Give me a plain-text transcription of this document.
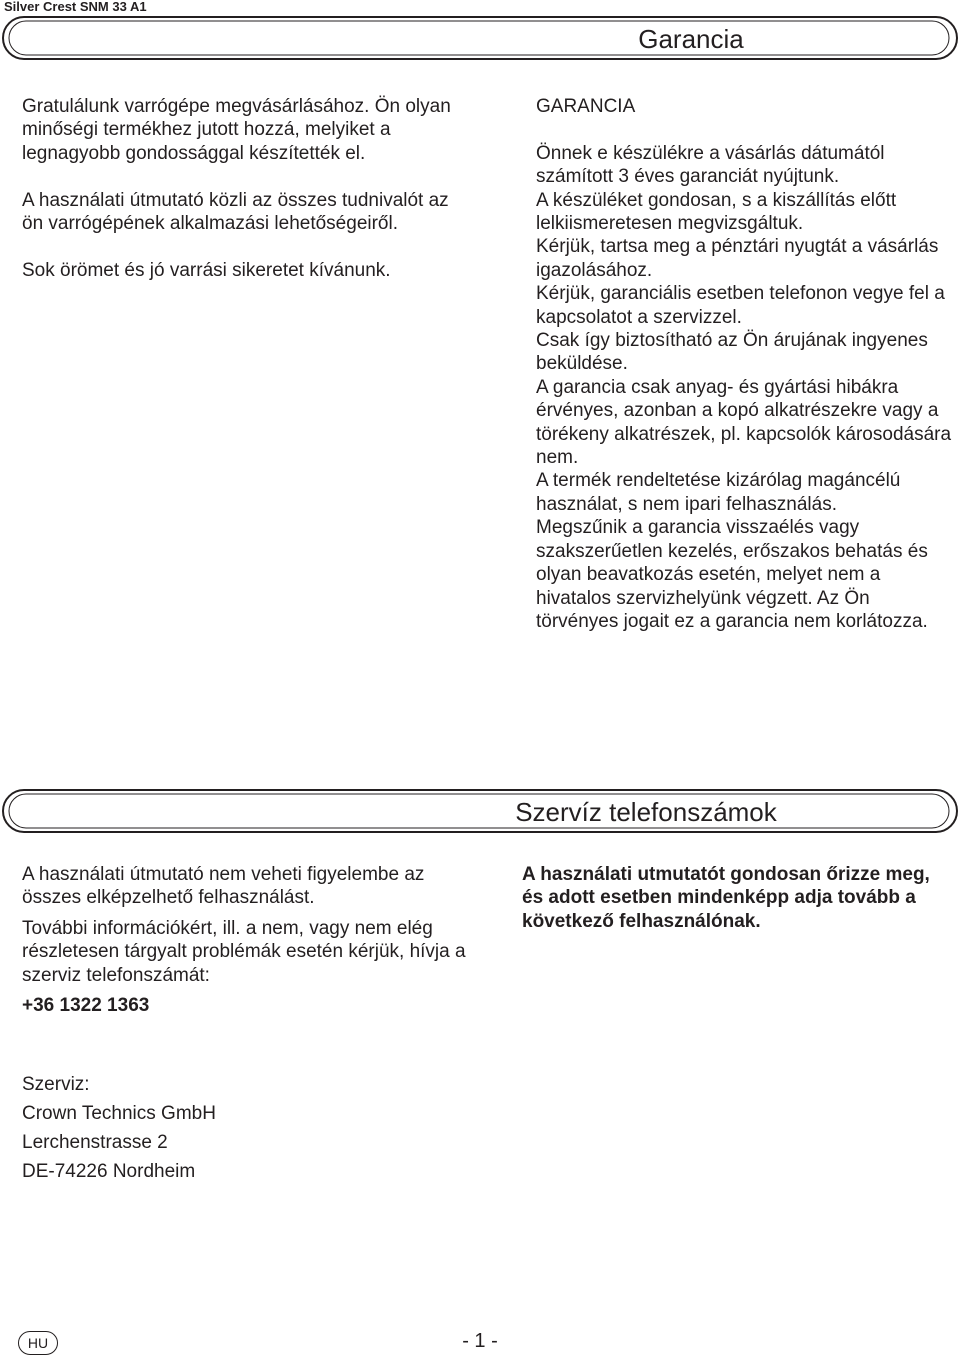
Silver Crest SNM 33 A1
Garancia

Gratulálunk varrógépe megvásárlásához. Ön olyan minőségi termékhez jutott hozzá, melyiket a legnagyobb gondossággal készítették el.

A használati útmutató közli az összes tudnivalót az ön varrógépének alkalmazási lehetőségeiről.

Sok örömet és jó varrási sikeretet kívánunk.

GARANCIA

Önnek e készülékre a vásárlás dátumától számított 3 éves garanciát nyújtunk.

A készüléket gondosan, s a kiszállítás előtt lelkiismeretesen megvizsgáltuk.

Kérjük, tartsa meg a pénztári nyugtát a vásárlás igazolásához.

Kérjük, garanciális esetben telefonon vegye fel a kapcsolatot a szervizzel.

Csak így biztosítható az Ön árujának ingyenes beküldése.

A garancia csak anyag- és gyártási hibákra érvényes, azonban a kopó alkatrészekre vagy a törékeny alkatrészek, pl. kapcsolók károsodására nem.

A termék rendeltetése kizárólag magáncélú használat, s nem ipari felhasználás.

Megszűnik a garancia visszaélés vagy szakszerűetlen kezelés, erőszakos behatás és olyan beavatkozás esetén, melyet nem a hivatalos szervizhelyünk végzett. Az Ön törvényes jogait ez a garancia nem korlátozza.

Szervíz telefonszámok

A használati útmutató nem veheti figyelembe az összes elképzelhető felhasználást.

További információkért, ill. a nem, vagy nem elég részletesen tárgyalt problémák esetén kérjük, hívja a szerviz telefonszámát:

+36 1322 1363

A használati utmutatót gondosan őrizze meg, és adott esetben mindenképp adja tovább a következő felhasználónak.

Szerviz:

Crown Technics GmbH

Lerchenstrasse 2

DE-74226 Nordheim

HU	- 1 -
